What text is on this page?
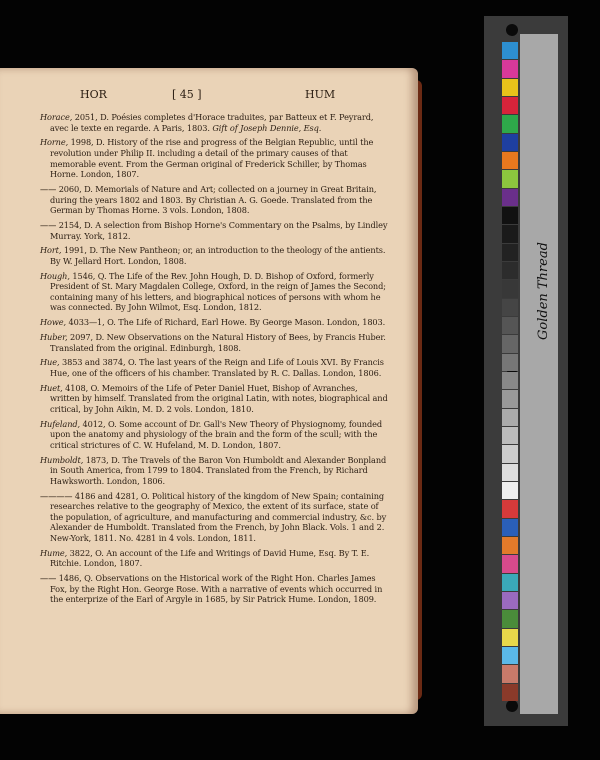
HOR	[ 45 ]	HUM
Horace, 2051, D. Poésies completes d'Horace traduites, par Batteux et F. Peyrard, avec le texte en regarde. A Paris, 1803. Gift of Joseph Dennie, Esq.
Horne, 1998, D. History of the rise and progress of the Belgian Republic, until the revolution under Philip II. including a detail of the primary causes of that memorable event. From the German original of Frederick Schiller, by Thomas Horne. London, 1807.
—— 2060, D. Memorials of Nature and Art; collected on a journey in Great Britain, during the years 1802 and 1803. By Christian A. G. Goede. Translated from the German by Thomas Horne. 3 vols. London, 1808.
—— 2154, D. A selection from Bishop Horne's Commentary on the Psalms, by Lindley Murray. York, 1812.
Hort, 1991, D. The New Pantheon; or, an introduction to the theology of the antients. By W. Jellard Hort. London, 1808.
Hough, 1546, Q. The Life of the Rev. John Hough, D. D. Bishop of Oxford, formerly President of St. Mary Magdalen College, Oxford, in the reign of James the Second; containing many of his letters, and biographical notices of persons with whom he was connected. By John Wilmot, Esq. London, 1812.
Howe, 4033—1, O. The Life of Richard, Earl Howe. By George Mason. London, 1803.
Huber, 2097, D. New Observations on the Natural History of Bees, by Francis Huber. Translated from the original. Edinburgh, 1808.
Hue, 3853 and 3874, O. The last years of the Reign and Life of Louis XVI. By Francis Hue, one of the officers of his chamber. Translated by R. C. Dallas. London, 1806.
Huet, 4108, O. Memoirs of the Life of Peter Daniel Huet, Bishop of Avranches, written by himself. Translated from the original Latin, with notes, biographical and critical, by John Aikin, M. D. 2 vols. London, 1810.
Hufeland, 4012, O. Some account of Dr. Gall's New Theory of Physiognomy, founded upon the anatomy and physiology of the brain and the form of the scull; with the critical strictures of C. W. Hufeland, M. D. London, 1807.
Humboldt, 1873, D. The Travels of the Baron Von Humboldt and Alexander Bonpland in South America, from 1799 to 1804. Translated from the French, by Richard Hawksworth. London, 1806.
———— 4186 and 4281, O. Political history of the kingdom of New Spain; containing researches relative to the geography of Mexico, the extent of its surface, state of the population, of agriculture, and manufacturing and commercial industry, &c. by Alexander de Humboldt. Translated from the French, by John Black. Vols. 1 and 2. New-York, 1811. No. 4281 in 4 vols. London, 1811.
Hume, 3822, O. An account of the Life and Writings of David Hume, Esq. By T. E. Ritchie. London, 1807.
—— 1486, Q. Observations on the Historical work of the Right Hon. Charles James Fox, by the Right Hon. George Rose. With a narrative of events which occurred in the enterprize of the Earl of Argyle in 1685, by Sir Patrick Hume. London, 1809.
Golden Thread
